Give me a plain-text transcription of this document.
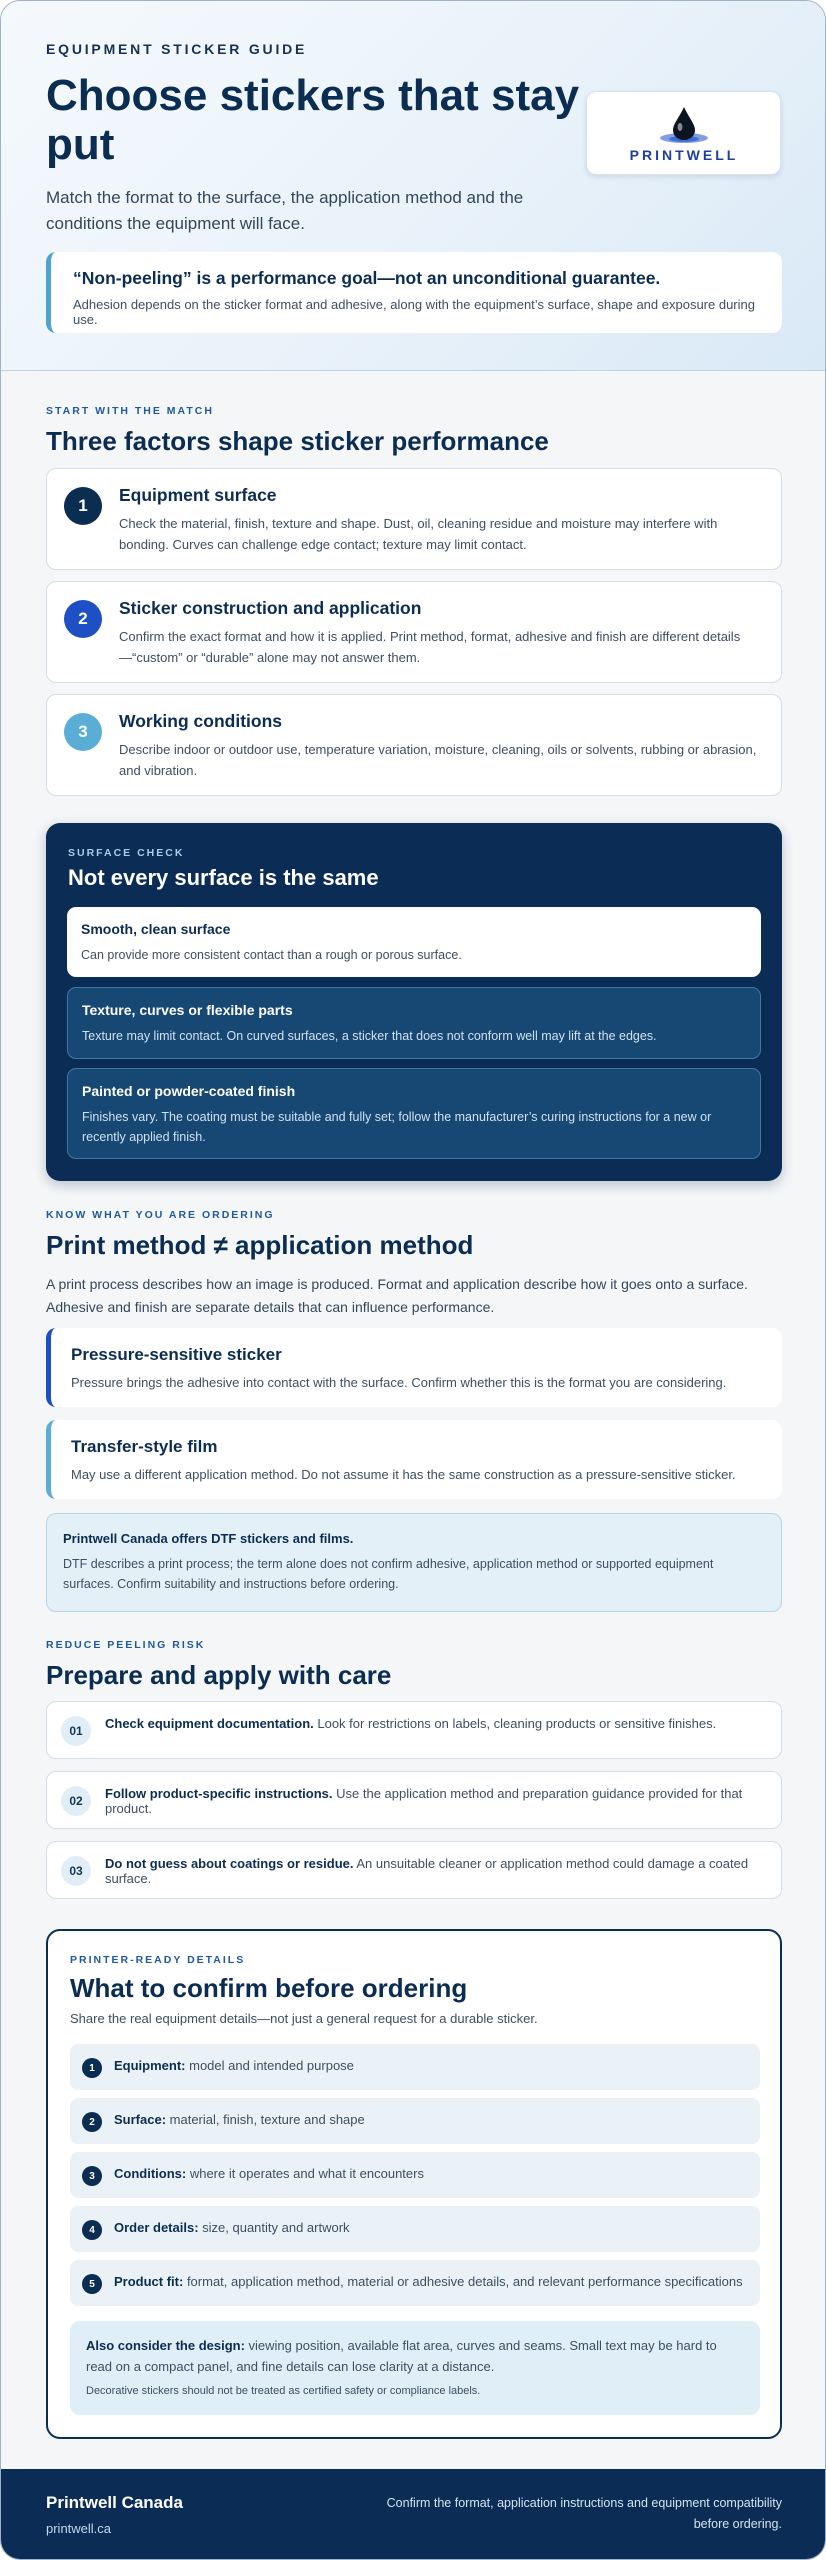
EQUIPMENT STICKER GUIDE
Choose stickers that stay put
Match the format to the surface, the application method and the conditions the equipment will face.
PRINTWELL
“Non-peeling” is a performance goal—not an unconditional guarantee.
Adhesion depends on the sticker format and adhesive, along with the equipment’s surface, shape and exposure during use.
START WITH THE MATCH
Three factors shape sticker performance
1
Equipment surface
Check the material, finish, texture and shape. Dust, oil, cleaning residue and moisture may interfere with bonding. Curves can challenge edge contact; texture may limit contact.
2
Sticker construction and application
Confirm the exact format and how it is applied. Print method, format, adhesive and finish are different details —“custom” or “durable” alone may not answer them.
3
Working conditions
Describe indoor or outdoor use, temperature variation, moisture, cleaning, oils or solvents, rubbing or abrasion, and vibration.
SURFACE CHECK
Not every surface is the same
Smooth, clean surface
Can provide more consistent contact than a rough or porous surface.
Texture, curves or flexible parts
Texture may limit contact. On curved surfaces, a sticker that does not conform well may lift at the edges.
Painted or powder-coated finish
Finishes vary. The coating must be suitable and fully set; follow the manufacturer’s curing instructions for a new or recently applied finish.
KNOW WHAT YOU ARE ORDERING
Print method ≠ application method
A print process describes how an image is produced. Format and application describe how it goes onto a surface. Adhesive and finish are separate details that can influence performance.
Pressure-sensitive sticker
Pressure brings the adhesive into contact with the surface. Confirm whether this is the format you are considering.
Transfer-style film
May use a different application method. Do not assume it has the same construction as a pressure-sensitive sticker.
Printwell Canada offers DTF stickers and films.
DTF describes a print process; the term alone does not confirm adhesive, application method or supported equipment surfaces. Confirm suitability and instructions before ordering.
REDUCE PEELING RISK
Prepare and apply with care
01	Check equipment documentation. Look for restrictions on labels, cleaning products or sensitive finishes.
02	Follow product-specific instructions. Use the application method and preparation guidance provided for that product.
03	Do not guess about coatings or residue. An unsuitable cleaner or application method could damage a coated surface.
PRINTER-READY DETAILS
What to confirm before ordering
Share the real equipment details—not just a general request for a durable sticker.
1	Equipment: model and intended purpose
2	Surface: material, finish, texture and shape
3	Conditions: where it operates and what it encounters
4	Order details: size, quantity and artwork
5	Product fit: format, application method, material or adhesive details, and relevant performance specifications
Also consider the design: viewing position, available flat area, curves and seams. Small text may be hard to read on a compact panel, and fine details can lose clarity at a distance.
Decorative stickers should not be treated as certified safety or compliance labels.
Printwell Canada
printwell.ca
Confirm the format, application instructions and equipment compatibility before ordering.
